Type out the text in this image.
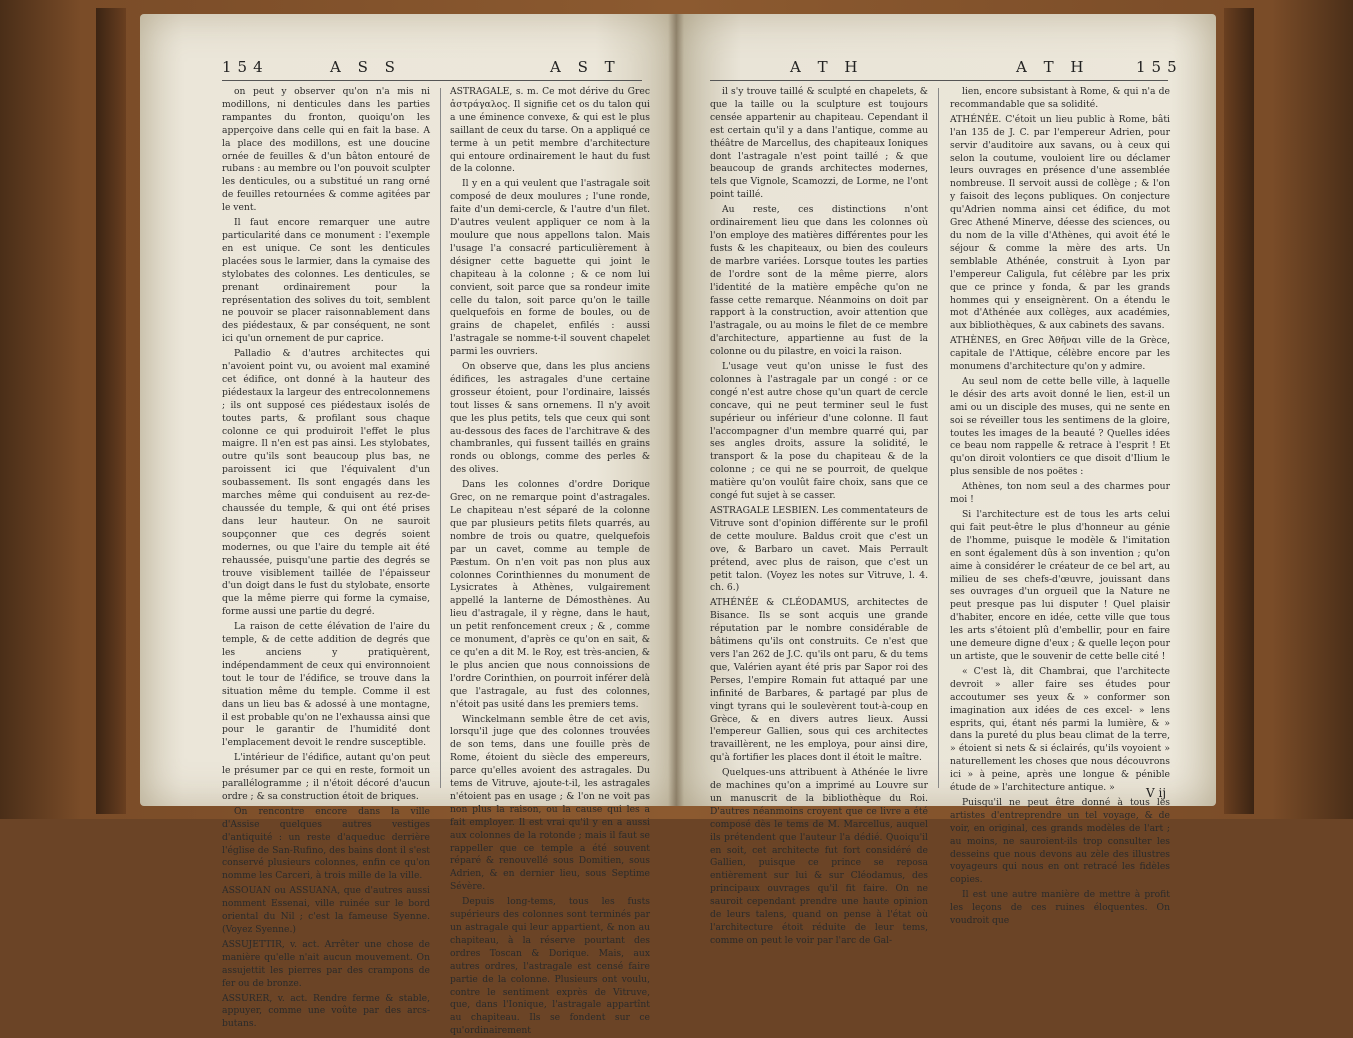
154	A S S	A S T

on peut y observer qu'on n'a mis ni modillons, ni denticules dans les parties rampantes du fronton, quoiqu'on les apperçoive dans celle qui en fait la base. A la place des modillons, est une doucine ornée de feuilles & d'un bâton entouré de rubans : au membre ou l'on pouvoit sculpter les denticules, ou a substitué un rang orné de feuilles retournées & comme agitées par le vent.

Il faut encore remarquer une autre particularité dans ce monument : l'exemple en est unique. Ce sont les denticules placées sous le larmier, dans la cymaise des stylobates des colonnes. Les denticules, se prenant ordinairement pour la représentation des solives du toit, semblent ne pouvoir se placer raisonnablement dans des piédestaux, & par conséquent, ne sont ici qu'un ornement de pur caprice.

Palladio & d'autres architectes qui n'avoient point vu, ou avoient mal examiné cet édifice, ont donné à la hauteur des piédestaux la largeur des entrecolonnemens ; ils ont supposé ces piédestaux isolés de toutes parts, & profilant sous chaque colonne ce qui produiroit l'effet le plus maigre. Il n'en est pas ainsi. Les stylobates, outre qu'ils sont beaucoup plus bas, ne paroissent ici que l'équivalent d'un soubassement. Ils sont engagés dans les marches même qui conduisent au rez-de-chaussée du temple, & qui ont été prises dans leur hauteur. On ne sauroit soupçonner que ces degrés soient modernes, ou que l'aire du temple ait été rehaussée, puisqu'une partie des degrés se trouve visiblement taillée de l'épaisseur d'un doigt dans le fust du stylobate, ensorte que la même pierre qui forme la cymaise, forme aussi une partie du degré.

La raison de cette élévation de l'aire du temple, & de cette addition de degrés que les anciens y pratiquèrent, indépendamment de ceux qui environnoient tout le tour de l'édifice, se trouve dans la situation même du temple. Comme il est dans un lieu bas & adossé à une montagne, il est probable qu'on ne l'exhaussa ainsi que pour le garantir de l'humidité dont l'emplacement devoit le rendre susceptible.

L'intérieur de l'édifice, autant qu'on peut le présumer par ce qui en reste, formoit un parallélogramme ; il n'étoit décoré d'aucun ordre ; & sa construction étoit de briques.

On rencontre encore dans la ville d'Assise quelques autres vestiges d'antiquité : un reste d'aqueduc derrière l'église de San-Rufino, des bains dont il s'est conservé plusieurs colonnes, enfin ce qu'on nomme les Carceri, à trois mille de la ville.

ASSOUAN ou ASSUANA, que d'autres aussi nomment Essenai, ville ruinée sur le bord oriental du Nil ; c'est la fameuse Syenne. (Voyez Syenne.)

ASSUJETTIR, v. act. Arrêter une chose de manière qu'elle n'ait aucun mouvement. On assujettit les pierres par des crampons de fer ou de bronze.

ASSURER, v. act. Rendre ferme & stable, appuyer, comme une voûte par des arcs-butans.

ASTRAGALE, s. m. Ce mot dérive du Grec ἀστράγαλος. Il signifie cet os du talon qui a une éminence convexe, & qui est le plus saillant de ceux du tarse. On a appliqué ce terme à un petit membre d'architecture qui entoure ordinairement le haut du fust de la colonne.

Il y en a qui veulent que l'astragale soit composé de deux moulures ; l'une ronde, faite d'un demi-cercle, & l'autre d'un filet. D'autres veulent appliquer ce nom à la moulure que nous appellons talon. Mais l'usage l'a consacré particulièrement à désigner cette baguette qui joint le chapiteau à la colonne ; & ce nom lui convient, soit parce que sa rondeur imite celle du talon, soit parce qu'on le taille quelquefois en forme de boules, ou de grains de chapelet, enfilés : aussi l'astragale se nomme-t-il souvent chapelet parmi les ouvriers.

On observe que, dans les plus anciens édifices, les astragales d'une certaine grosseur étoient, pour l'ordinaire, laissés tout lisses & sans ornemens. Il n'y avoit que les plus petits, tels que ceux qui sont au-dessous des faces de l'architrave & des chambranles, qui fussent taillés en grains ronds ou oblongs, comme des perles & des olives.

Dans les colonnes d'ordre Dorique Grec, on ne remarque point d'astragales. Le chapiteau n'est séparé de la colonne que par plusieurs petits filets quarrés, au nombre de trois ou quatre, quelquefois par un cavet, comme au temple de Pæstum. On n'en voit pas non plus aux colonnes Corinthiennes du monument de Lysicrates à Athènes, vulgairement appellé la lanterne de Démosthènes. Au lieu d'astragale, il y règne, dans le haut, un petit renfoncement creux ; & , comme ce monument, d'après ce qu'on en sait, & ce qu'en a dit M. le Roy, est très-ancien, & le plus ancien que nous connoissions de l'ordre Corinthien, on pourroit inférer delà que l'astragale, au fust des colonnes, n'étoit pas usité dans les premiers tems.

Winckelmann semble être de cet avis, lorsqu'il juge que des colonnes trouvées de son tems, dans une fouille près de Rome, étoient du siècle des empereurs, parce qu'elles avoient des astragales. Du tems de Vitruve, ajoute-t-il, les astragales n'étoient pas en usage ; & l'on ne voit pas non plus la raison, ou la cause qui les a fait employer. Il est vrai qu'il y en a aussi aux colonnes de la rotonde ; mais il faut se rappeller que ce temple a été souvent réparé & renouvellé sous Domitien, sous Adrien, & en dernier lieu, sous Septime Sévère.

Depuis long-tems, tous les fusts supérieurs des colonnes sont terminés par un astragale qui leur appartient, & non au chapiteau, à la réserve pourtant des ordres Toscan & Dorique. Mais, aux autres ordres, l'astragale est censé faire partie de la colonne. Plusieurs ont voulu, contre le sentiment exprès de Vitruve, que, dans l'Ionique, l'astragale appartînt au chapiteau. Ils se fondent sur ce qu'ordinairement

A T H	A T H	155

il s'y trouve taillé & sculpté en chapelets, & que la taille ou la sculpture est toujours censée appartenir au chapiteau. Cependant il est certain qu'il y a dans l'antique, comme au théâtre de Marcellus, des chapiteaux Ioniques dont l'astragale n'est point taillé ; & que beaucoup de grands architectes modernes, tels que Vignole, Scamozzi, de Lorme, ne l'ont point taillé.

Au reste, ces distinctions n'ont ordinairement lieu que dans les colonnes où l'on employe des matières différentes pour les fusts & les chapiteaux, ou bien des couleurs de marbre variées. Lorsque toutes les parties de l'ordre sont de la même pierre, alors l'identité de la matière empêche qu'on ne fasse cette remarque. Néanmoins on doit par rapport à la construction, avoir attention que l'astragale, ou au moins le filet de ce membre d'architecture, appartienne au fust de la colonne ou du pilastre, en voici la raison.

L'usage veut qu'on unisse le fust des colonnes à l'astragale par un congé : or ce congé n'est autre chose qu'un quart de cercle concave, qui ne peut terminer seul le fust supérieur ou inférieur d'une colonne. Il faut l'accompagner d'un membre quarré qui, par ses angles droits, assure la solidité, le transport & la pose du chapiteau & de la colonne ; ce qui ne se pourroit, de quelque matière qu'on voulût faire choix, sans que ce congé fut sujet à se casser.

ASTRAGALE LESBIEN. Les commentateurs de Vitruve sont d'opinion différente sur le profil de cette moulure. Baldus croit que c'est un ove, & Barbaro un cavet. Mais Perrault prétend, avec plus de raison, que c'est un petit talon. (Voyez les notes sur Vitruve, l. 4. ch. 6.)

ATHÉNÉE & CLÉODAMUS, architectes de Bisance. Ils se sont acquis une grande réputation par le nombre considérable de bâtimens qu'ils ont construits. Ce n'est que vers l'an 262 de J.C. qu'ils ont paru, & du tems que, Valérien ayant été pris par Sapor roi des Perses, l'empire Romain fut attaqué par une infinité de Barbares, & partagé par plus de vingt tyrans qui le soulevèrent tout-à-coup en Grèce, & en divers autres lieux. Aussi l'empereur Gallien, sous qui ces architectes travaillèrent, ne les employa, pour ainsi dire, qu'à fortifier les places dont il étoit le maître.

Quelques-uns attribuent à Athénée le livre de machines qu'on a imprimé au Louvre sur un manuscrit de la bibliothèque du Roi. D'autres néanmoins croyent que ce livre a été composé dès le tems de M. Marcellus, auquel ils prétendent que l'auteur l'a dédié. Quoiqu'il en soit, cet architecte fut fort considéré de Gallien, puisque ce prince se reposa entièrement sur lui & sur Cléodamus, des principaux ouvrages qu'il fit faire. On ne sauroit cependant prendre une haute opinion de leurs talens, quand on pense à l'état où l'architecture étoit réduite de leur tems, comme on peut le voir par l'arc de Gal-

lien, encore subsistant à Rome, & qui n'a de recommandable que sa solidité.

ATHÉNÉE. C'étoit un lieu public à Rome, bâti l'an 135 de J. C. par l'empereur Adrien, pour servir d'auditoire aux savans, ou à ceux qui selon la coutume, vouloient lire ou déclamer leurs ouvrages en présence d'une assemblée nombreuse. Il servoit aussi de collège ; & l'on y faisoit des leçons publiques. On conjecture qu'Adrien nomma ainsi cet édifice, du mot Grec Athené Minerve, déesse des sciences, ou du nom de la ville d'Athènes, qui avoit été le séjour & comme la mère des arts. Un semblable Athénée, construit à Lyon par l'empereur Caligula, fut célèbre par les prix que ce prince y fonda, & par les grands hommes qui y enseignèrent. On a étendu le mot d'Athénée aux collèges, aux académies, aux bibliothèques, & aux cabinets des savans.

ATHÈNES, en Grec Ἀθῆναι ville de la Grèce, capitale de l'Attique, célèbre encore par les monumens d'architecture qu'on y admire.

Au seul nom de cette belle ville, à laquelle le désir des arts avoit donné le lien, est-il un ami ou un disciple des muses, qui ne sente en soi se réveiller tous les sentimens de la gloire, toutes les images de la beauté ? Quelles idées ce beau nom rappelle & retrace à l'esprit ! Et qu'on diroit volontiers ce que disoit d'Ilium le plus sensible de nos poëtes :

Athènes, ton nom seul a des charmes pour moi !

Si l'architecture est de tous les arts celui qui fait peut-être le plus d'honneur au génie de l'homme, puisque le modèle & l'imitation en sont également dûs à son invention ; qu'on aime à considérer le créateur de ce bel art, au milieu de ses chefs-d'œuvre, jouissant dans ses ouvrages d'un orgueil que la Nature ne peut presque pas lui disputer ! Quel plaisir d'habiter, encore en idée, cette ville que tous les arts s'étoient plû d'embellir, pour en faire une demeure digne d'eux ; & quelle leçon pour un artiste, que le souvenir de cette belle cité !

« C'est là, dit Chambrai, que l'architecte devroit » aller faire ses études pour accoutumer ses yeux & » conformer son imagination aux idées de ces excel- » lens esprits, qui, étant nés parmi la lumière, & » dans la pureté du plus beau climat de la terre, » étoient si nets & si éclairés, qu'ils voyoient » naturellement les choses que nous découvrons ici » à peine, après une longue & pénible étude de » l'architecture antique. »

Puisqu'il ne peut être donné à tous les artistes d'entreprendre un tel voyage, & de voir, en original, ces grands modèles de l'art ; au moins, ne sauroient-ils trop consulter les desseins que nous devons au zèle des illustres voyageurs qui nous en ont retracé les fidèles copies.

Il est une autre manière de mettre à profit les leçons de ces ruines éloquentes. On voudroit que

V ij
